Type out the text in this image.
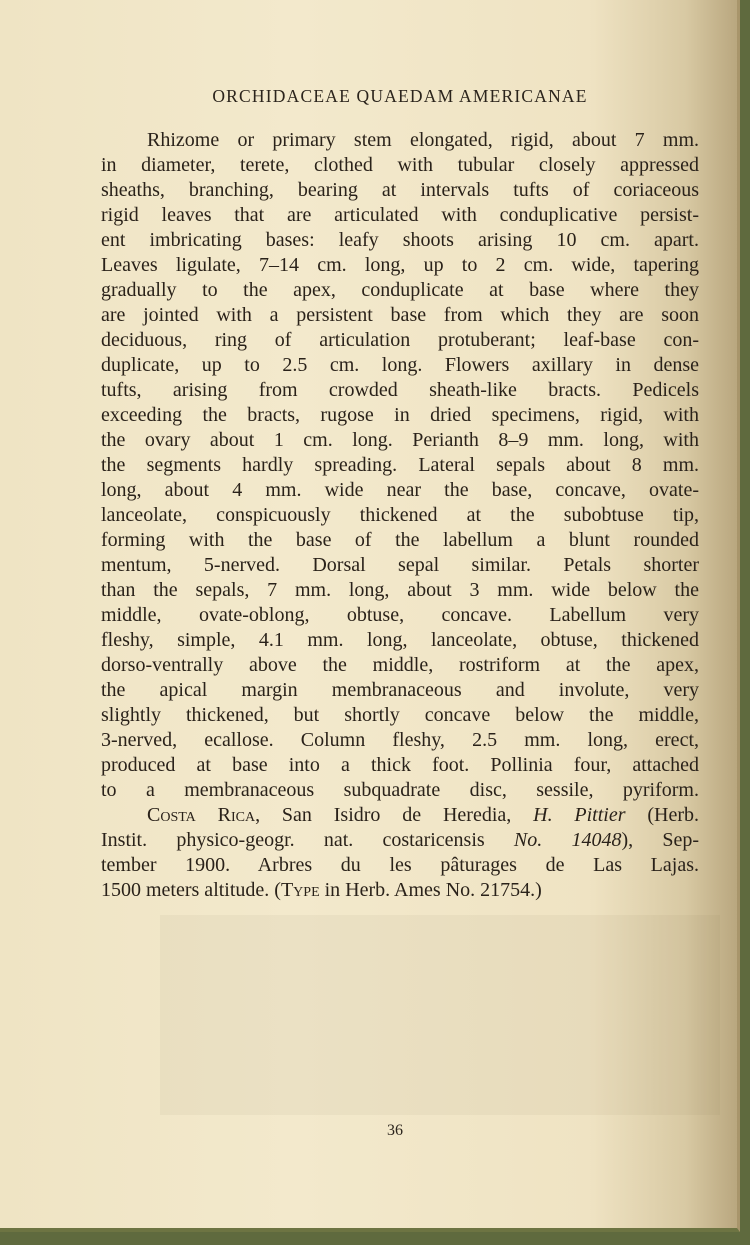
ORCHIDACEAE QUAEDAM AMERICANAE
Rhizome or primary stem elongated, rigid, about 7 mm.
in diameter, terete, clothed with tubular closely appressed
sheaths, branching, bearing at intervals tufts of coriaceous
rigid leaves that are articulated with conduplicative persist-
ent imbricating bases: leafy shoots arising 10 cm. apart.
Leaves ligulate, 7–14 cm. long, up to 2 cm. wide, tapering
gradually to the apex, conduplicate at base where they
are jointed with a persistent base from which they are soon
deciduous, ring of articulation protuberant; leaf-base con-
duplicate, up to 2.5 cm. long. Flowers axillary in dense
tufts, arising from crowded sheath-like bracts. Pedicels
exceeding the bracts, rugose in dried specimens, rigid, with
the ovary about 1 cm. long. Perianth 8–9 mm. long, with
the segments hardly spreading. Lateral sepals about 8 mm.
long, about 4 mm. wide near the base, concave, ovate-
lanceolate, conspicuously thickened at the subobtuse tip,
forming with the base of the labellum a blunt rounded
mentum, 5-nerved. Dorsal sepal similar. Petals shorter
than the sepals, 7 mm. long, about 3 mm. wide below the
middle, ovate-oblong, obtuse, concave. Labellum very
fleshy, simple, 4.1 mm. long, lanceolate, obtuse, thickened
dorso-ventrally above the middle, rostriform at the apex,
the apical margin membranaceous and involute, very
slightly thickened, but shortly concave below the middle,
3-nerved, ecallose. Column fleshy, 2.5 mm. long, erect,
produced at base into a thick foot. Pollinia four, attached
to a membranaceous subquadrate disc, sessile, pyriform.
Costa Rica, San Isidro de Heredia, H. Pittier (Herb.
Instit. physico-geogr. nat. costaricensis No. 14048), Sep-
tember 1900. Arbres du les pâturages de Las Lajas.
1500 meters altitude. (Type in Herb. Ames No. 21754.)
36
